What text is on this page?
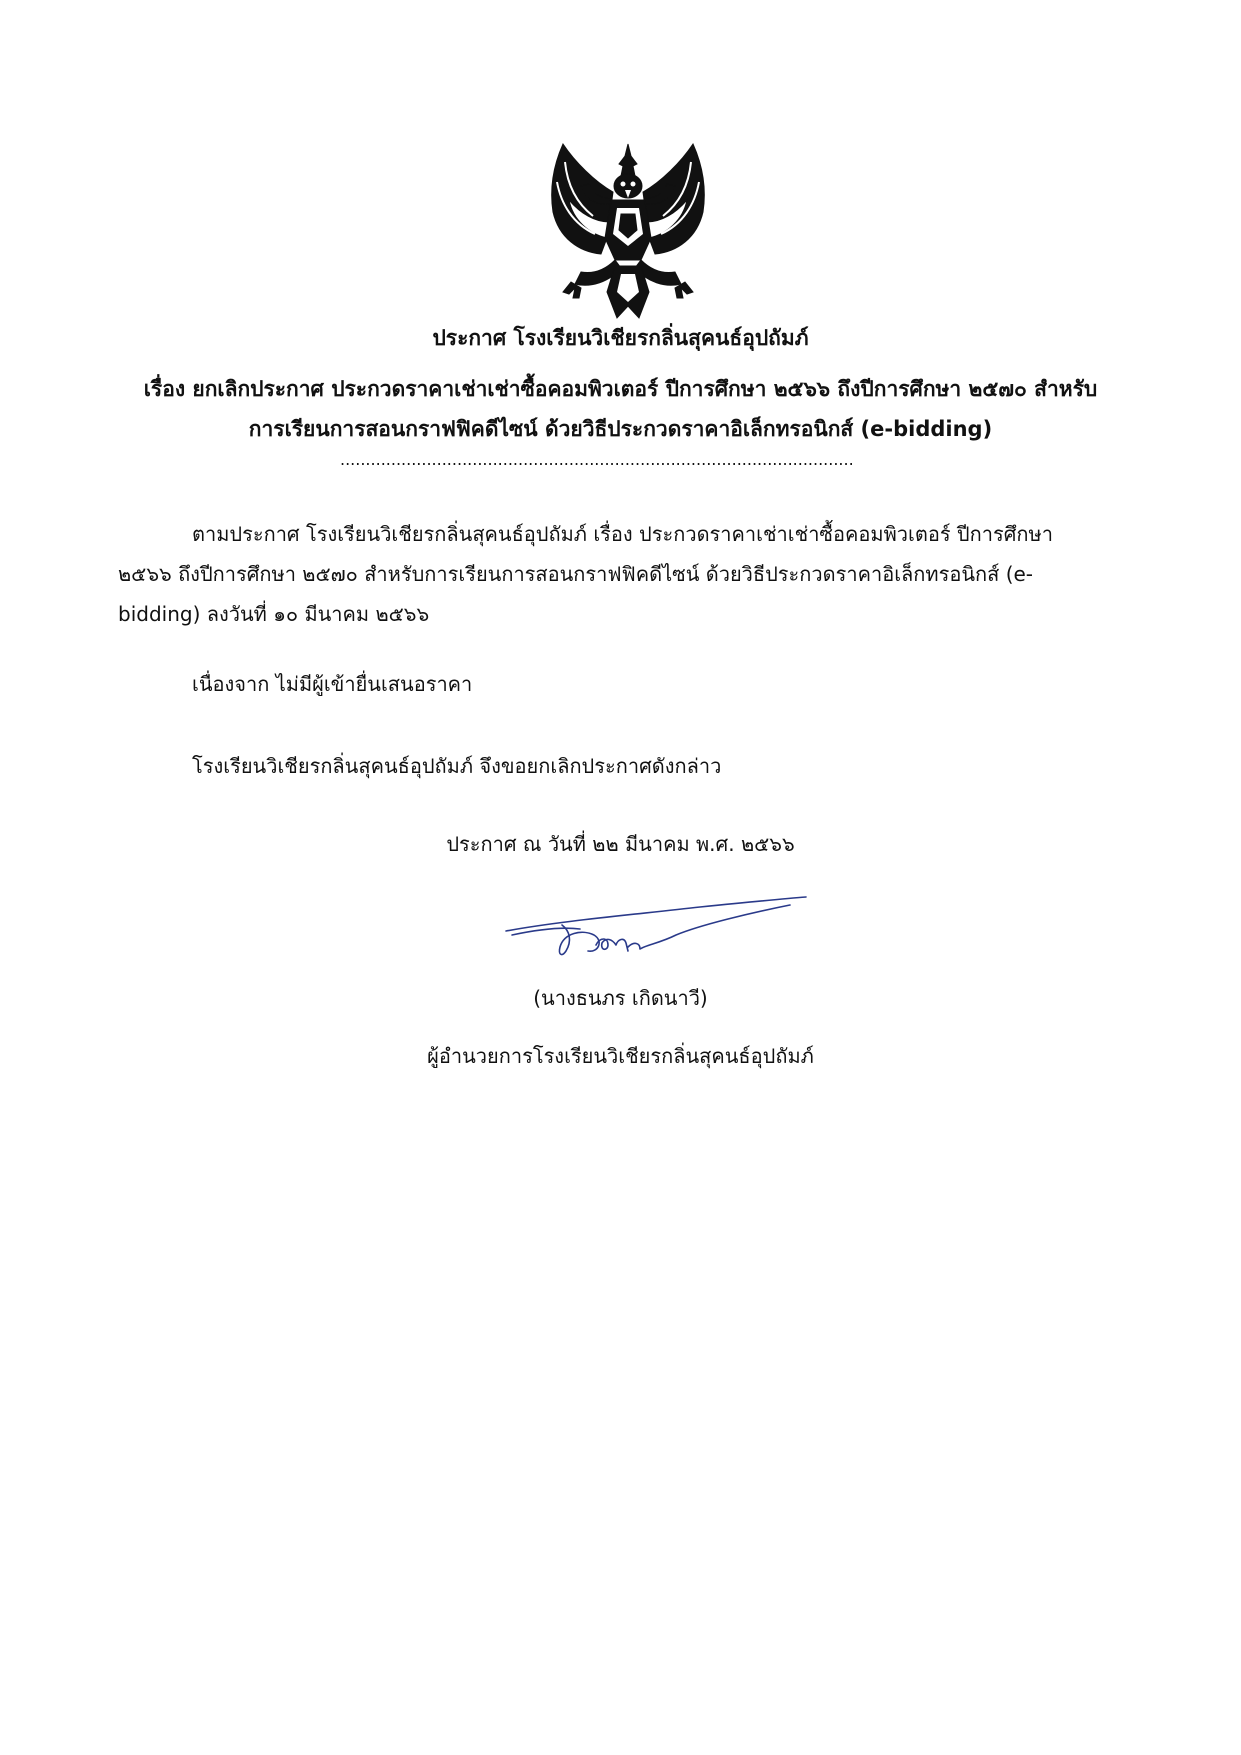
ประกาศ โรงเรียนวิเชียรกลิ่นสุคนธ์อุปถัมภ์
เรื่อง ยกเลิกประกาศ ประกวดราคาเช่าเช่าซื้อคอมพิวเตอร์ ปีการศึกษา ๒๕๖๖ ถึงปีการศึกษา ๒๕๗๐ สำหรับ
การเรียนการสอนกราฟฟิคดีไซน์ ด้วยวิธีประกวดราคาอิเล็กทรอนิกส์ (e-bidding)
.....................................................................................................
ตามประกาศ โรงเรียนวิเชียรกลิ่นสุคนธ์อุปถัมภ์ เรื่อง ประกวดราคาเช่าเช่าซื้อคอมพิวเตอร์ ปีการศึกษา ๒๕๖๖ ถึงปีการศึกษา ๒๕๗๐ สำหรับการเรียนการสอนกราฟฟิคดีไซน์ ด้วยวิธีประกวดราคาอิเล็กทรอนิกส์ (e-bidding) ลงวันที่ ๑๐ มีนาคม ๒๕๖๖
เนื่องจาก ไม่มีผู้เข้ายื่นเสนอราคา
โรงเรียนวิเชียรกลิ่นสุคนธ์อุปถัมภ์ จึงขอยกเลิกประกาศดังกล่าว
ประกาศ ณ วันที่ ๒๒ มีนาคม พ.ศ. ๒๕๖๖
(นางธนภร เกิดนาวี)
ผู้อำนวยการโรงเรียนวิเชียรกลิ่นสุคนธ์อุปถัมภ์
